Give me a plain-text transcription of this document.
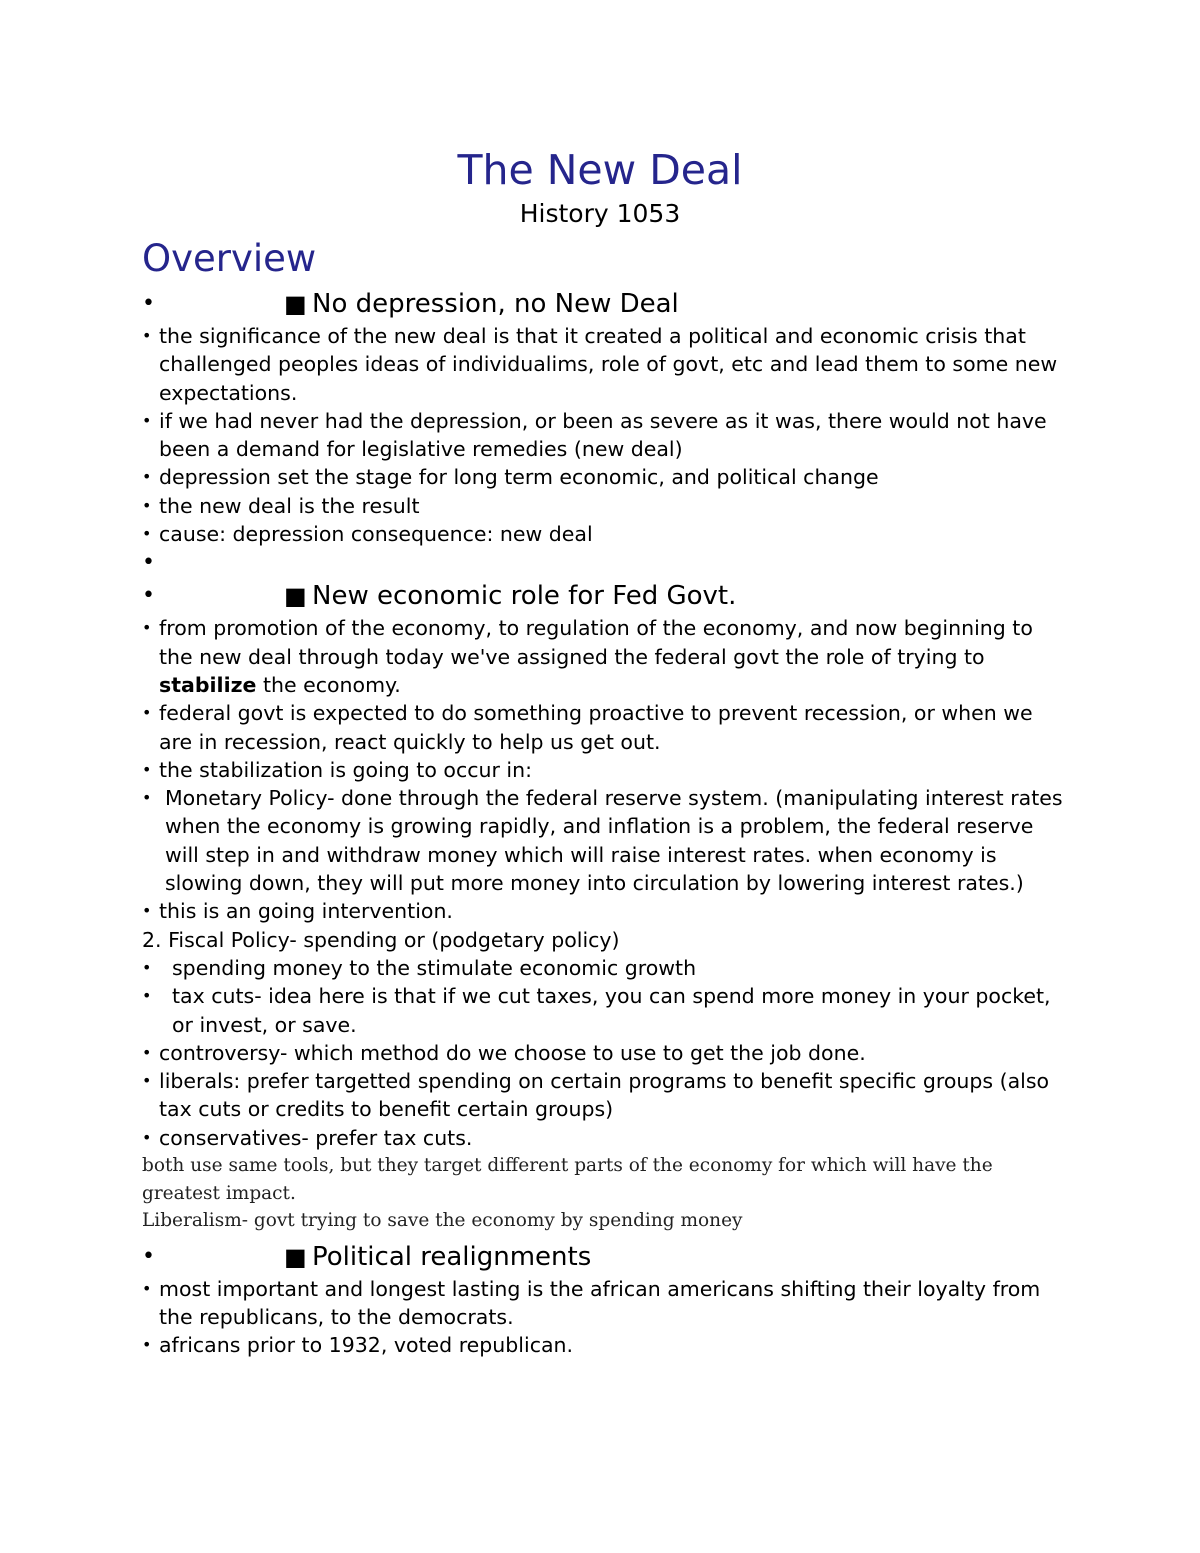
The New Deal
History 1053
Overview
•	■ No depression, no New Deal
• the significance of the new deal is that it created a political and economic crisis that challenged peoples ideas of individualims, role of govt, etc and lead them to some new expectations.
• if we had never had the depression, or been as severe as it was, there would not have been a demand for legislative remedies (new deal)
• depression set the stage for long term economic, and political change
• the new deal is the result
• cause: depression consequence: new deal
•
•	■ New economic role for Fed Govt.
• from promotion of the economy, to regulation of the economy, and now beginning to the new deal through today we've assigned the federal govt the role of trying to stabilize the economy.
• federal govt is expected to do something proactive to prevent recession, or when we are in recession, react quickly to help us get out.
• the stabilization is going to occur in:
• Monetary Policy- done through the federal reserve system. (manipulating interest rates when the economy is growing rapidly, and inflation is a problem, the federal reserve will step in and withdraw money which will raise interest rates. when economy is slowing down, they will put more money into circulation by lowering interest rates.)
• this is an going intervention.
2. Fiscal Policy- spending or (podgetary policy)
• spending money to the stimulate economic growth
• tax cuts- idea here is that if we cut taxes, you can spend more money in your pocket, or invest, or save.
• controversy- which method do we choose to use to get the job done.
• liberals: prefer targetted spending on certain programs to benefit specific groups (also tax cuts or credits to benefit certain groups)
• conservatives- prefer tax cuts.
both use same tools, but they target different parts of the economy for which will have the greatest impact.
Liberalism- govt trying to save the economy by spending money
•	■ Political realignments
• most important and longest lasting is the african americans shifting their loyalty from the republicans, to the democrats.
• africans prior to 1932, voted republican.
